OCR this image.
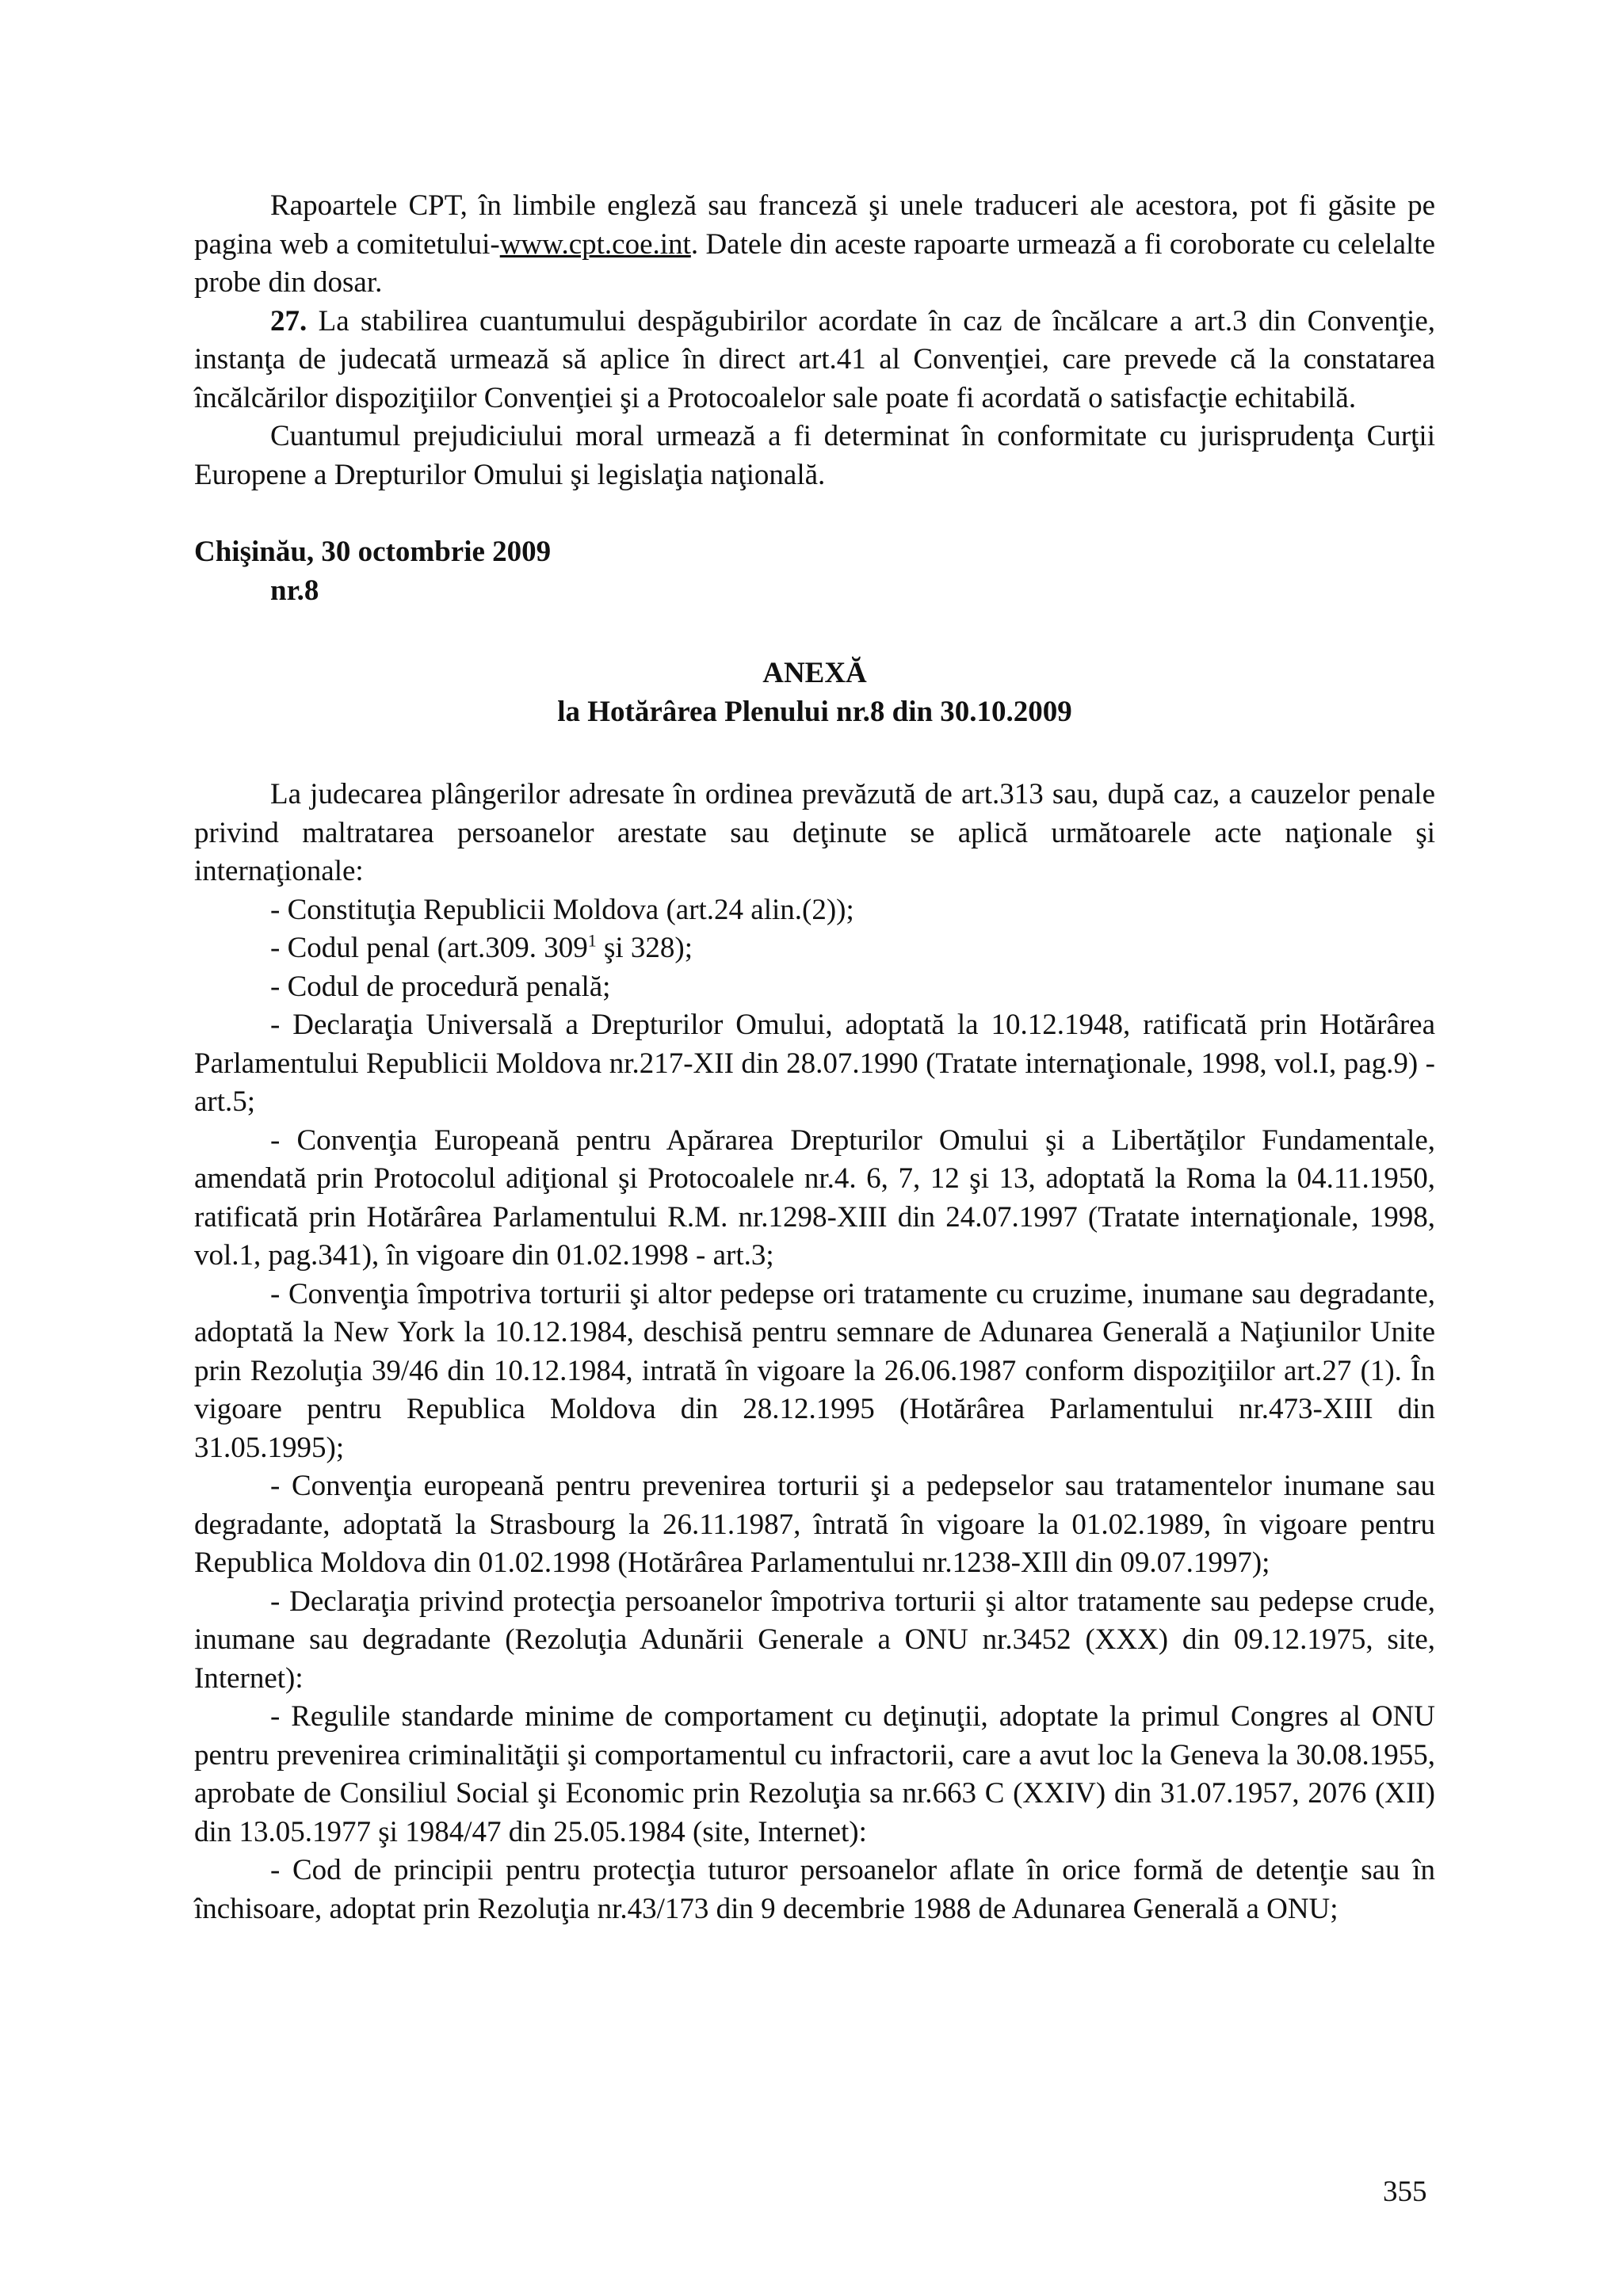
Rapoartele CPT, în limbile engleză sau franceză şi unele traduceri ale acestora, pot fi găsite pe pagina web a comitetului-www.cpt.coe.int. Datele din aceste rapoarte urmează a fi coroborate cu celelalte probe din dosar.

27. La stabilirea cuantumului despăgubirilor acordate în caz de încălcare a art.3 din Convenţie, instanţa de judecată urmează să aplice în direct art.41 al Convenţiei, care prevede că la constatarea încălcărilor dispoziţiilor Convenţiei şi a Protocoalelor sale poate fi acordată o satisfacţie echitabilă.

Cuantumul prejudiciului moral urmează a fi determinat în conformitate cu jurisprudenţa Curţii Europene a Drepturilor Omului şi legislaţia naţională.

Chişinău, 30 octombrie 2009

nr.8

ANEXĂ

la Hotărârea Plenului nr.8 din 30.10.2009

La judecarea plângerilor adresate în ordinea prevăzută de art.313 sau, după caz, a cauzelor penale privind maltratarea persoanelor arestate sau deţinute se aplică următoarele acte naţionale şi internaţionale:

- Constituţia Republicii Moldova (art.24 alin.(2));

- Codul penal (art.309. $309^1$ şi 328);

- Codul de procedură penală;

- Declaraţia Universală a Drepturilor Omului, adoptată la 10.12.1948, ratificată prin Hotărârea Parlamentului Republicii Moldova nr.217-XII din 28.07.1990 (Tratate internaţionale, 1998, vol.I, pag.9) - art.5;

- Convenţia Europeană pentru Apărarea Drepturilor Omului şi a Libertăţilor Fundamentale, amendată prin Protocolul adiţional şi Protocoalele nr.4. 6, 7, 12 şi 13, adoptată la Roma la 04.11.1950, ratificată prin Hotărârea Parlamentului R.M. nr.1298-XIII din 24.07.1997 (Tratate internaţionale, 1998, vol.1, pag.341), în vigoare din 01.02.1998 - art.3;

- Convenţia împotriva torturii şi altor pedepse ori tratamente cu cruzime, inumane sau degradante, adoptată la New York la 10.12.1984, deschisă pentru semnare de Adunarea Generală a Naţiunilor Unite prin Rezoluţia 39/46 din 10.12.1984, intrată în vigoare la 26.06.1987 conform dispoziţiilor art.27 (1). În vigoare pentru Republica Moldova din 28.12.1995 (Hotărârea Parlamentului nr.473-XIII din 31.05.1995);

- Convenţia europeană pentru prevenirea torturii şi a pedepselor sau tratamentelor inumane sau degradante, adoptată la Strasbourg la 26.11.1987, întrată în vigoare la 01.02.1989, în vigoare pentru Republica Moldova din 01.02.1998 (Hotărârea Parlamentului nr.1238-XIll din 09.07.1997);

- Declaraţia privind protecţia persoanelor împotriva torturii şi altor tratamente sau pedepse crude, inumane sau degradante (Rezoluţia Adunării Generale a ONU nr.3452 (XXX) din 09.12.1975, site, Internet):

- Regulile standarde minime de comportament cu deţinuţii, adoptate la primul Congres al ONU pentru prevenirea criminalităţii şi comportamentul cu infractorii, care a avut loc la Geneva la 30.08.1955, aprobate de Consiliul Social şi Economic prin Rezoluţia sa nr.663 C (XXIV) din 31.07.1957, 2076 (XII) din 13.05.1977 şi 1984/47 din 25.05.1984 (site, Internet):

- Cod de principii pentru protecţia tuturor persoanelor aflate în orice formă de detenţie sau în închisoare, adoptat prin Rezoluţia nr.43/173 din 9 decembrie 1988 de Adunarea Generală a ONU;

355
